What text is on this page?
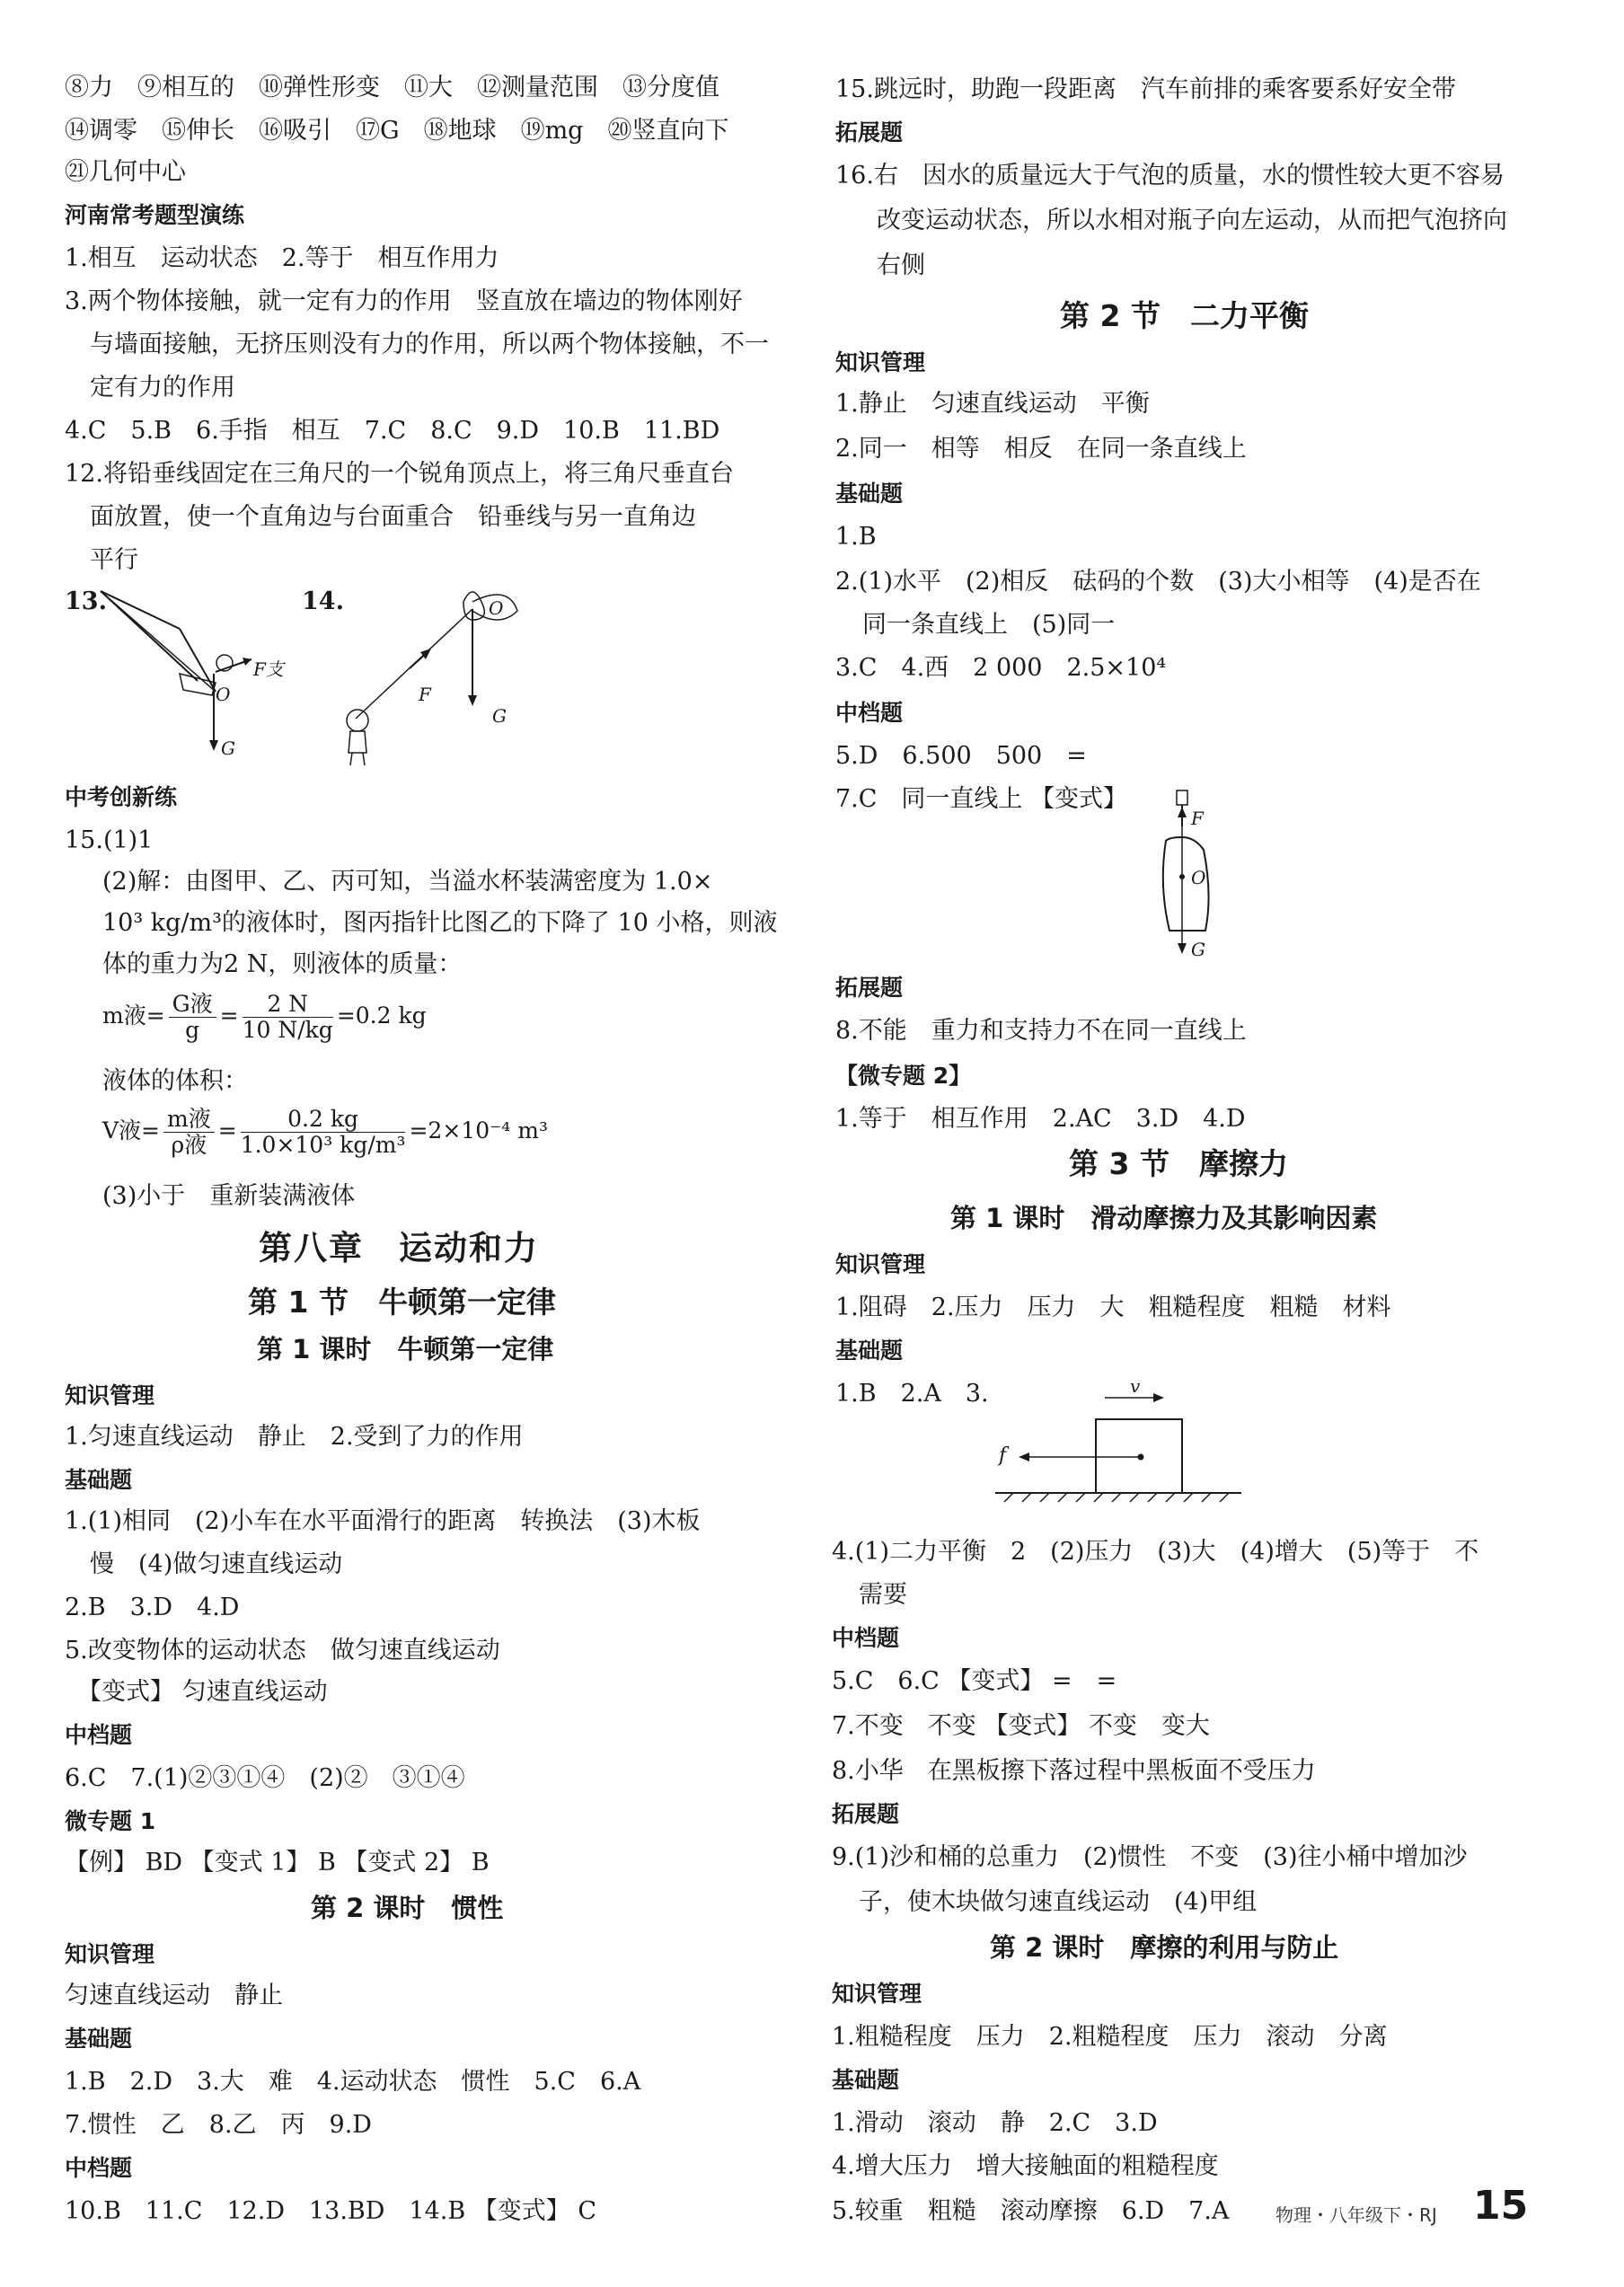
⑧力　⑨相互的　⑩弹性形变　⑪大　⑫测量范围　⑬分度值
⑭调零　⑮伸长　⑯吸引　⑰G　⑱地球　⑲mg　⑳竖直向下
㉑几何中心
河南常考题型演练
1.相互　运动状态　2.等于　相互作用力
3.两个物体接触，就一定有力的作用　竖直放在墙边的物体刚好
与墙面接触，无挤压则没有力的作用，所以两个物体接触，不一
定有力的作用
4.C　5.B　6.手指　相互　7.C　8.C　9.D　10.B　11.BD
12.将铅垂线固定在三角尺的一个锐角顶点上，将三角尺垂直台
面放置，使一个直角边与台面重合　铅垂线与另一直角边
平行
13.
O
F支
G
14.	O
F
G
中考创新练
15.(1)1
(2)解：由图甲、乙、丙可知，当溢水杯装满密度为 1.0×
10³ kg/m³的液体时，图丙指针比图乙的下降了 10 小格，则液
体的重力为2 N，则液体的质量：
m液= G液
g
= $\frac{2 N}{10 N/kg} =0.2$ kg
液体的体积：
V液= m液
ρ液
= $\frac{0.2 kg}{\text{1.0×10³ kg/m³}} =2\times 10^{-4}$ m³
(3)小于　重新装满液体
第八章　运动和力
第 1 节　牛顿第一定律
第 1 课时　牛顿第一定律
知识管理
1.匀速直线运动　静止　2.受到了力的作用
基础题
1.(1)相同　(2)小车在水平面滑行的距离　转换法　(3)木板
慢　(4)做匀速直线运动
2.B　3.D　4.D
5.改变物体的运动状态　做匀速直线运动
【变式】 匀速直线运动
中档题
6.C　7.(1)②③①④　(2)②　③①④
微专题 1
【例】 BD 【变式 1】 B 【变式 2】 B
第 2 课时　惯性
知识管理
匀速直线运动　静止
基础题
1.B　2.D　3.大　难　4.运动状态　惯性　5.C　6.A
7.惯性　乙　8.乙　丙　9.D
中档题
10.B　11.C　12.D　13.BD　14.B 【变式】 C
15.跳远时，助跑一段距离　汽车前排的乘客要系好安全带
拓展题
16.右　因水的质量远大于气泡的质量，水的惯性较大更不容易
改变运动状态，所以水相对瓶子向左运动，从而把气泡挤向
右侧
第 2 节　二力平衡
知识管理
1.静止　匀速直线运动　平衡
2.同一　相等　相反　在同一条直线上
基础题
1.B
2.(1)水平　(2)相反　砝码的个数　(3)大小相等　(4)是否在
同一条直线上　(5)同一
3.C　4.西　2 000　2.5×10⁴
中档题
5.D　6.500　500　=
7.C　同一直线上 【变式】
F
O
G
拓展题
8.不能　重力和支持力不在同一直线上
【微专题 2】
1.等于　相互作用　2.AC　3.D　4.D
第 3 节　摩擦力
第 1 课时　滑动摩擦力及其影响因素
知识管理
1.阻碍　2.压力　压力　大　粗糙程度　粗糙　材料
基础题
1.B　2.A　3.	v
f
4.(1)二力平衡　2　(2)压力　(3)大　(4)增大　(5)等于　不
需要
中档题
5.C　6.C 【变式】 =　=
7.不变　不变 【变式】 不变　变大
8.小华　在黑板擦下落过程中黑板面不受压力
拓展题
9.(1)沙和桶的总重力　(2)惯性　不变　(3)往小桶中增加沙
子，使木块做匀速直线运动　(4)甲组
第 2 课时　摩擦的利用与防止
知识管理
1.粗糙程度　压力　2.粗糙程度　压力　滚动　分离
基础题
1.滑动　滚动　静　2.C　3.D
4.增大压力　增大接触面的粗糙程度
5.较重　粗糙　滚动摩擦　6.D　7.A	物理・八年级下・RJ 15
